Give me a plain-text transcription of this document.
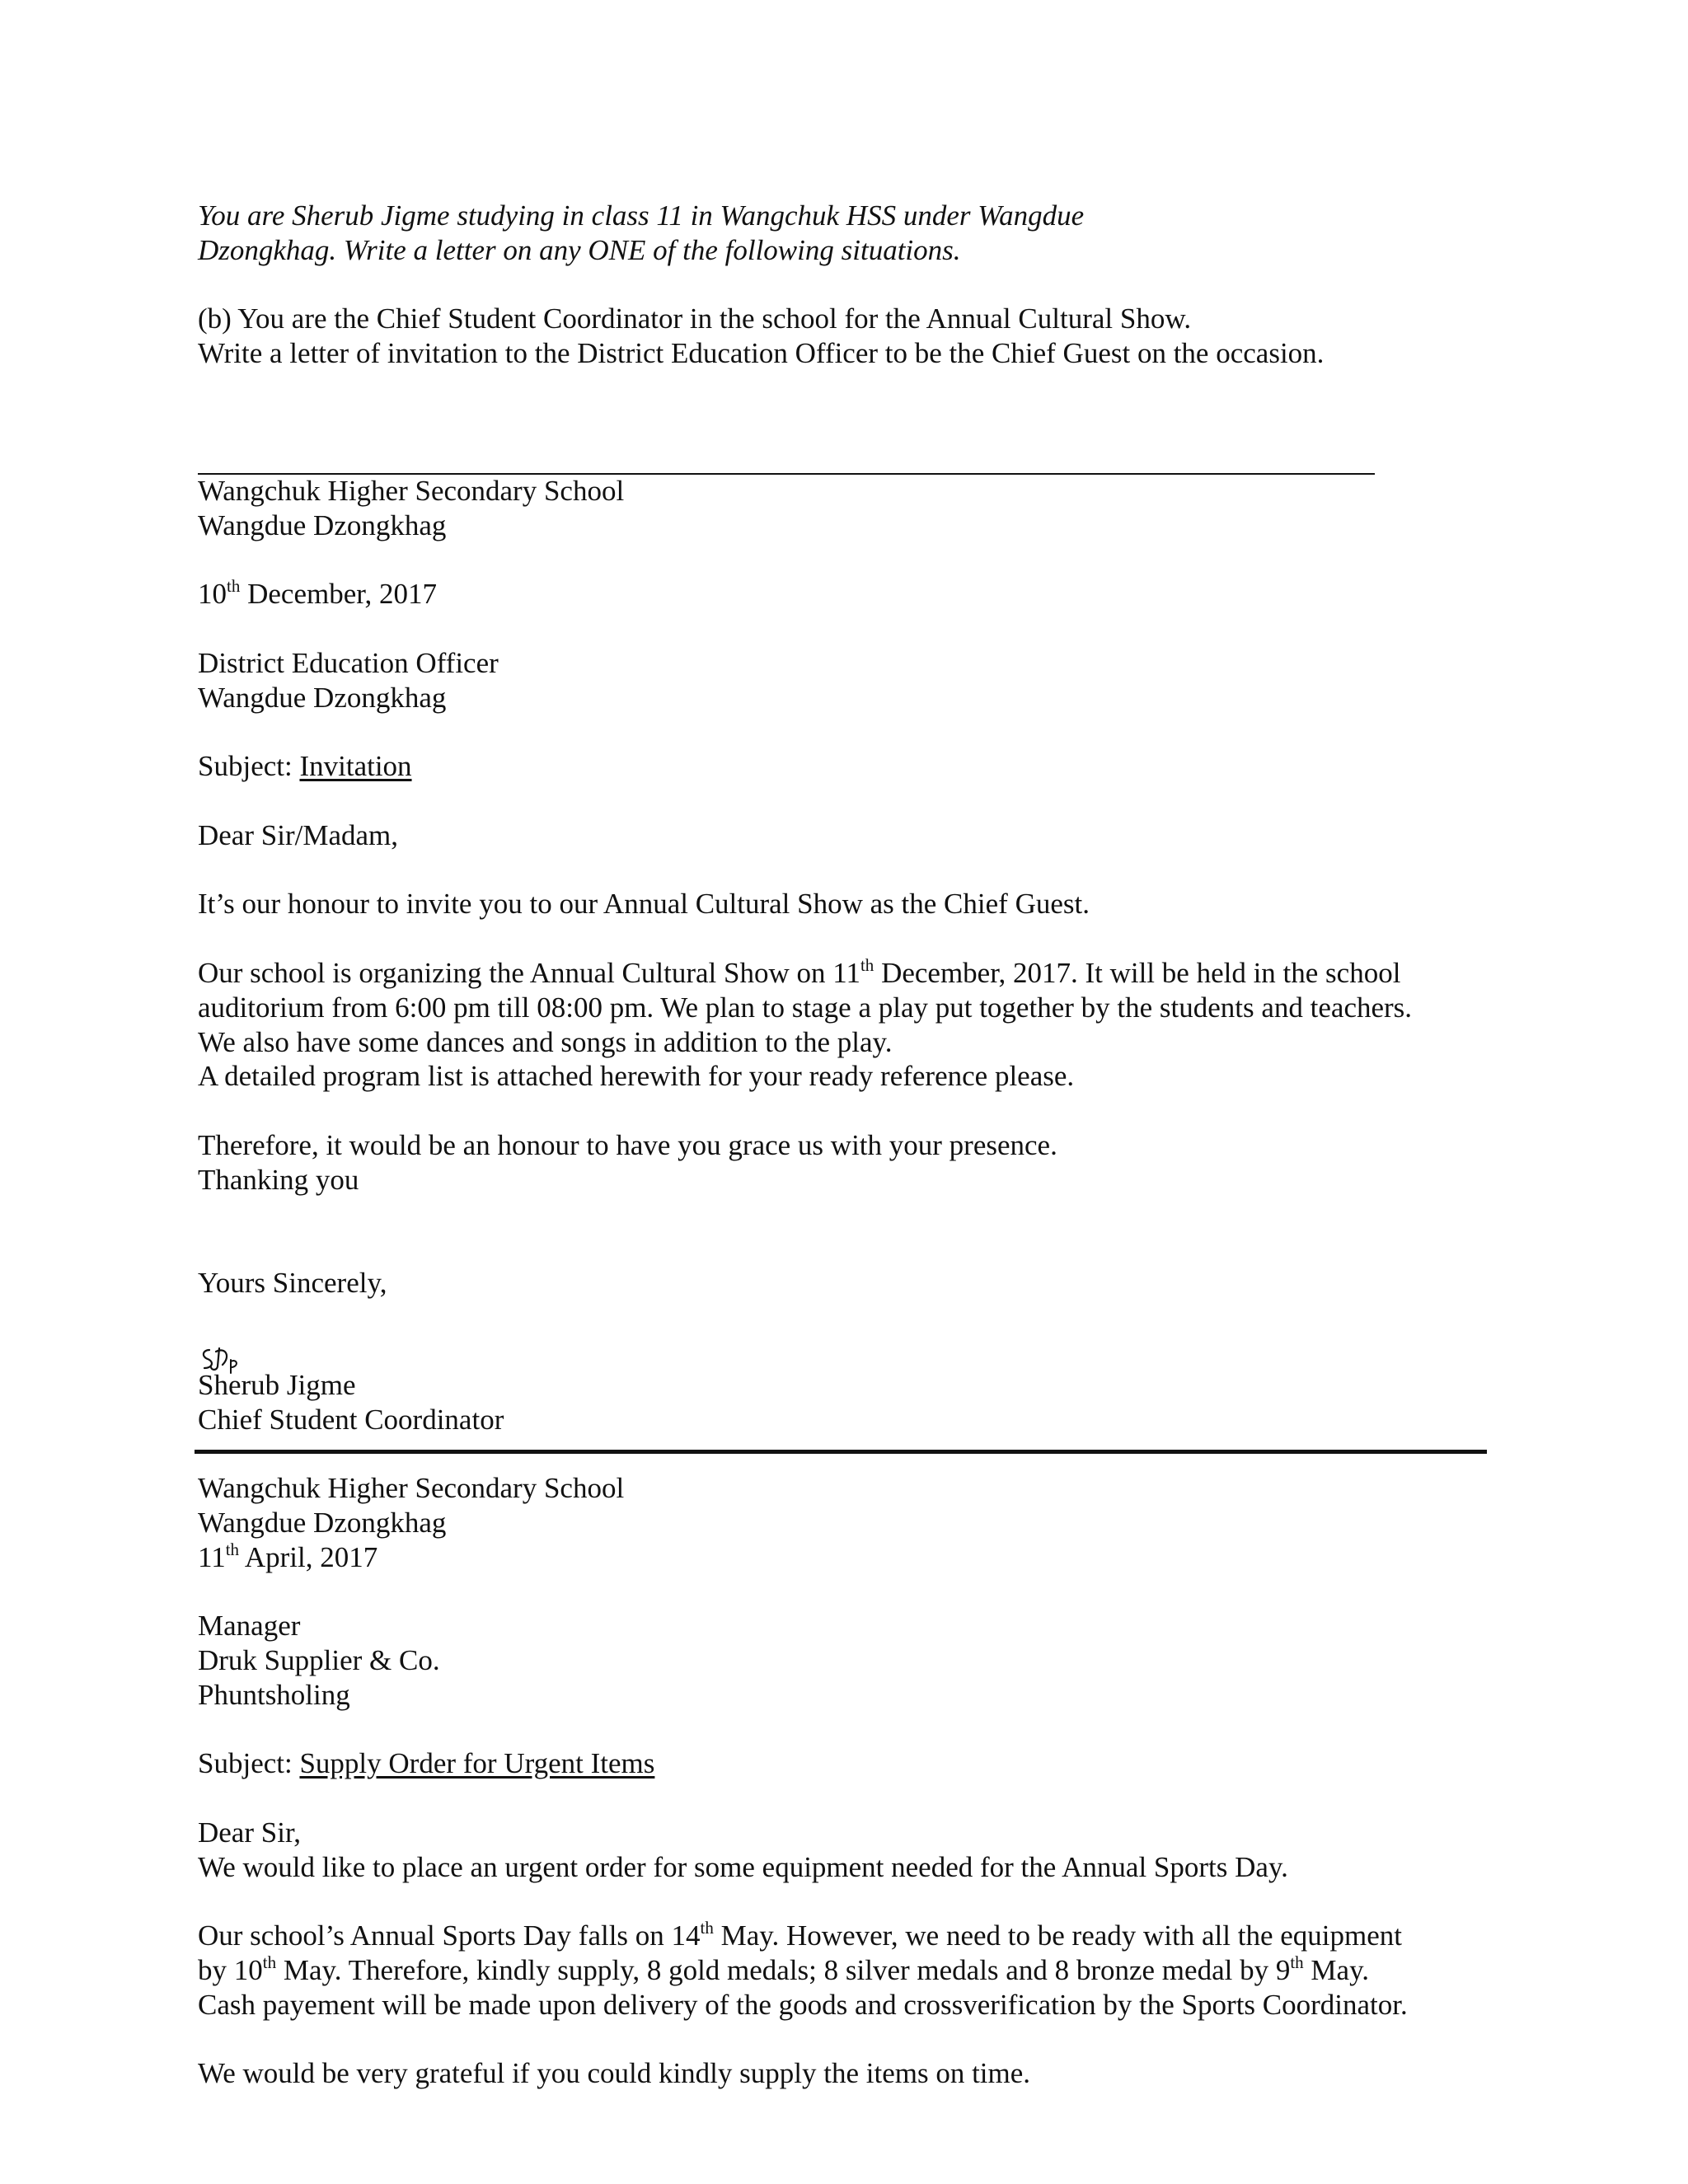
You are Sherub Jigme studying in class 11 in Wangchuk HSS under Wangdue
Dzongkhag. Write a letter on any ONE of the following situations.
(b) You are the Chief Student Coordinator in the school for the Annual Cultural Show.
Write a letter of invitation to the District Education Officer to be the Chief Guest on the occasion.
Wangchuk Higher Secondary School
Wangdue Dzongkhag
10th December, 2017
District Education Officer
Wangdue Dzongkhag
Subject: Invitation
Dear Sir/Madam,
It’s our honour to invite you to our Annual Cultural Show as the Chief Guest.
Our school is organizing the Annual Cultural Show on 11th December, 2017. It will be held in the school
auditorium from 6:00 pm till 08:00 pm. We plan to stage a play put together by the students and teachers.
We also have some dances and songs in addition to the play.
A detailed program list is attached herewith for your ready reference please.
Therefore, it would be an honour to have you grace us with your presence.
Thanking you
Yours Sincerely,
Sherub Jigme
Chief Student Coordinator
Wangchuk Higher Secondary School
Wangdue Dzongkhag
11th April, 2017
Manager
Druk Supplier & Co.
Phuntsholing
Subject: Supply Order for Urgent Items
Dear Sir,
We would like to place an urgent order for some equipment needed for the Annual Sports Day.
Our school’s Annual Sports Day falls on 14th May. However, we need to be ready with all the equipment
by 10th May. Therefore, kindly supply, 8 gold medals; 8 silver medals and 8 bronze medal by 9th May.
Cash payement will be made upon delivery of the goods and crossverification by the Sports Coordinator.
We would be very grateful if you could kindly supply the items on time.
